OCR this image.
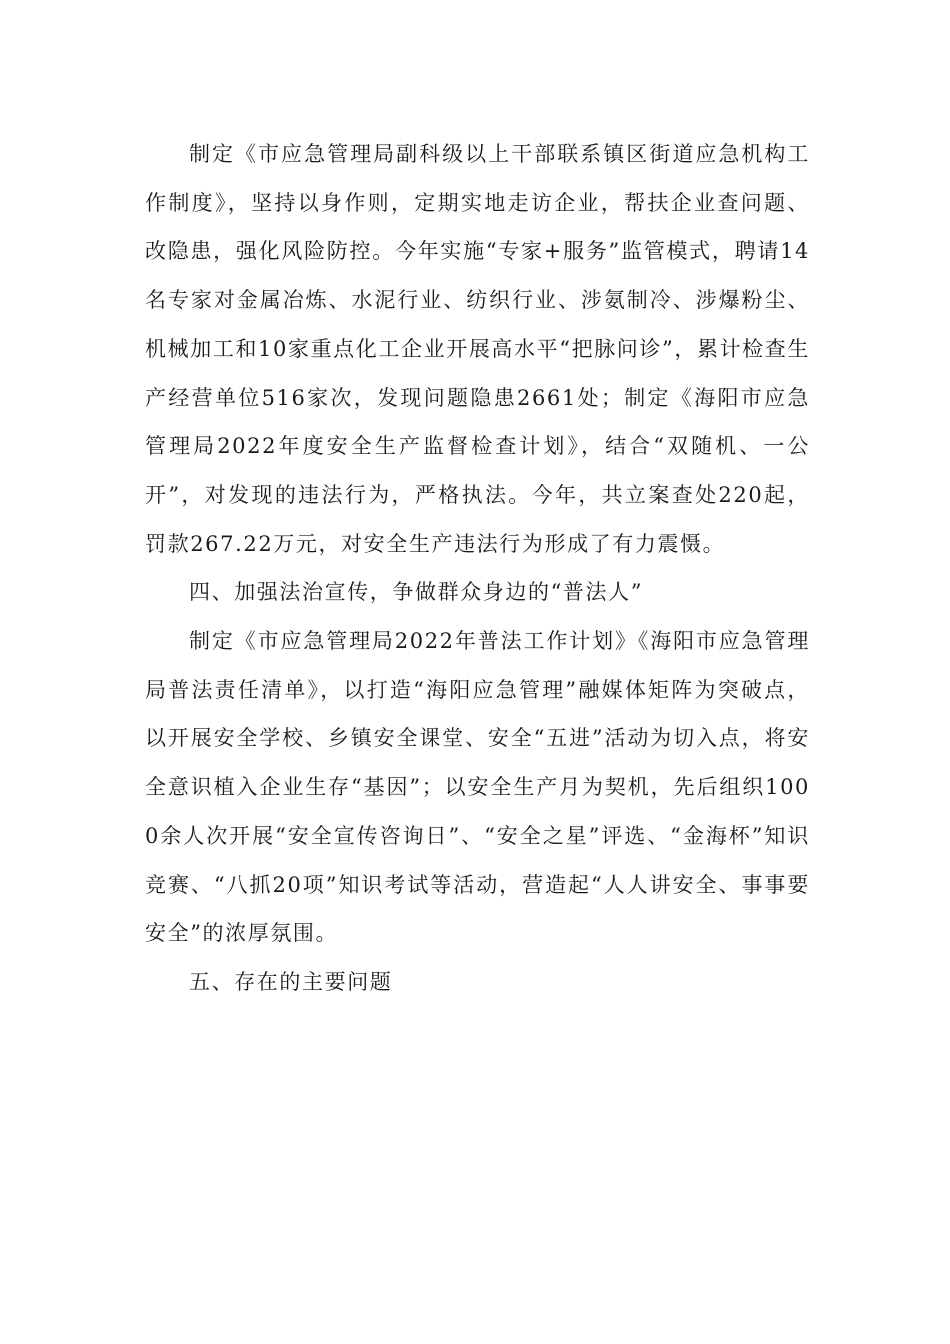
制定《市应急管理局副科级以上干部联系镇区街道应急机构工作制度》，坚持以身作则，定期实地走访企业，帮扶企业查问题、改隐患，强化风险防控。今年实施“专家+服务”监管模式，聘请14名专家对金属冶炼、水泥行业、纺织行业、涉氨制冷、涉爆粉尘、机械加工和10家重点化工企业开展高水平“把脉问诊”，累计检查生产经营单位516家次，发现问题隐患2661处；制定《海阳市应急管理局2022年度安全生产监督检查计划》，结合“双随机、一公开”，对发现的违法行为，严格执法。今年，共立案查处220起，罚款267.22万元，对安全生产违法行为形成了有力震慑。

四、加强法治宣传，争做群众身边的“普法人”

制定《市应急管理局2022年普法工作计划》《海阳市应急管理局普法责任清单》，以打造“海阳应急管理”融媒体矩阵为突破点，以开展安全学校、乡镇安全课堂、安全“五进”活动为切入点，将安全意识植入企业生存“基因”；以安全生产月为契机，先后组织1000余人次开展“安全宣传咨询日”、“安全之星”评选、“金海杯”知识竞赛、“八抓20项”知识考试等活动，营造起“人人讲安全、事事要安全”的浓厚氛围。

五、存在的主要问题
